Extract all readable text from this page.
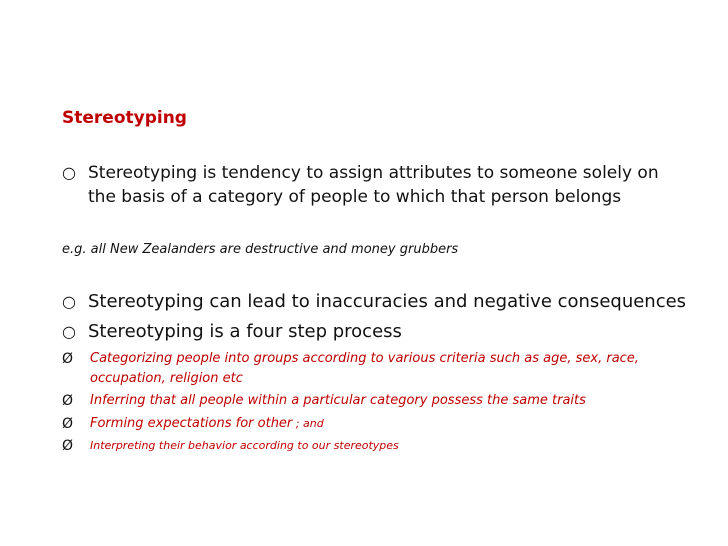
Stereotyping
○ Stereotyping is tendency to assign attributes to someone solely on the basis of a category of people to which that person belongs
e.g. all New Zealanders are destructive and money grubbers
○ Stereotyping can lead to inaccuracies and negative consequences
○ Stereotyping is a four step process
Ø	Categorizing people into groups according to various criteria such as age, sex, race, occupation, religion etc
Ø	Inferring that all people within a particular category possess the same traits
Ø	Forming expectations for other ; and
Ø	Interpreting their behavior according to our stereotypes
